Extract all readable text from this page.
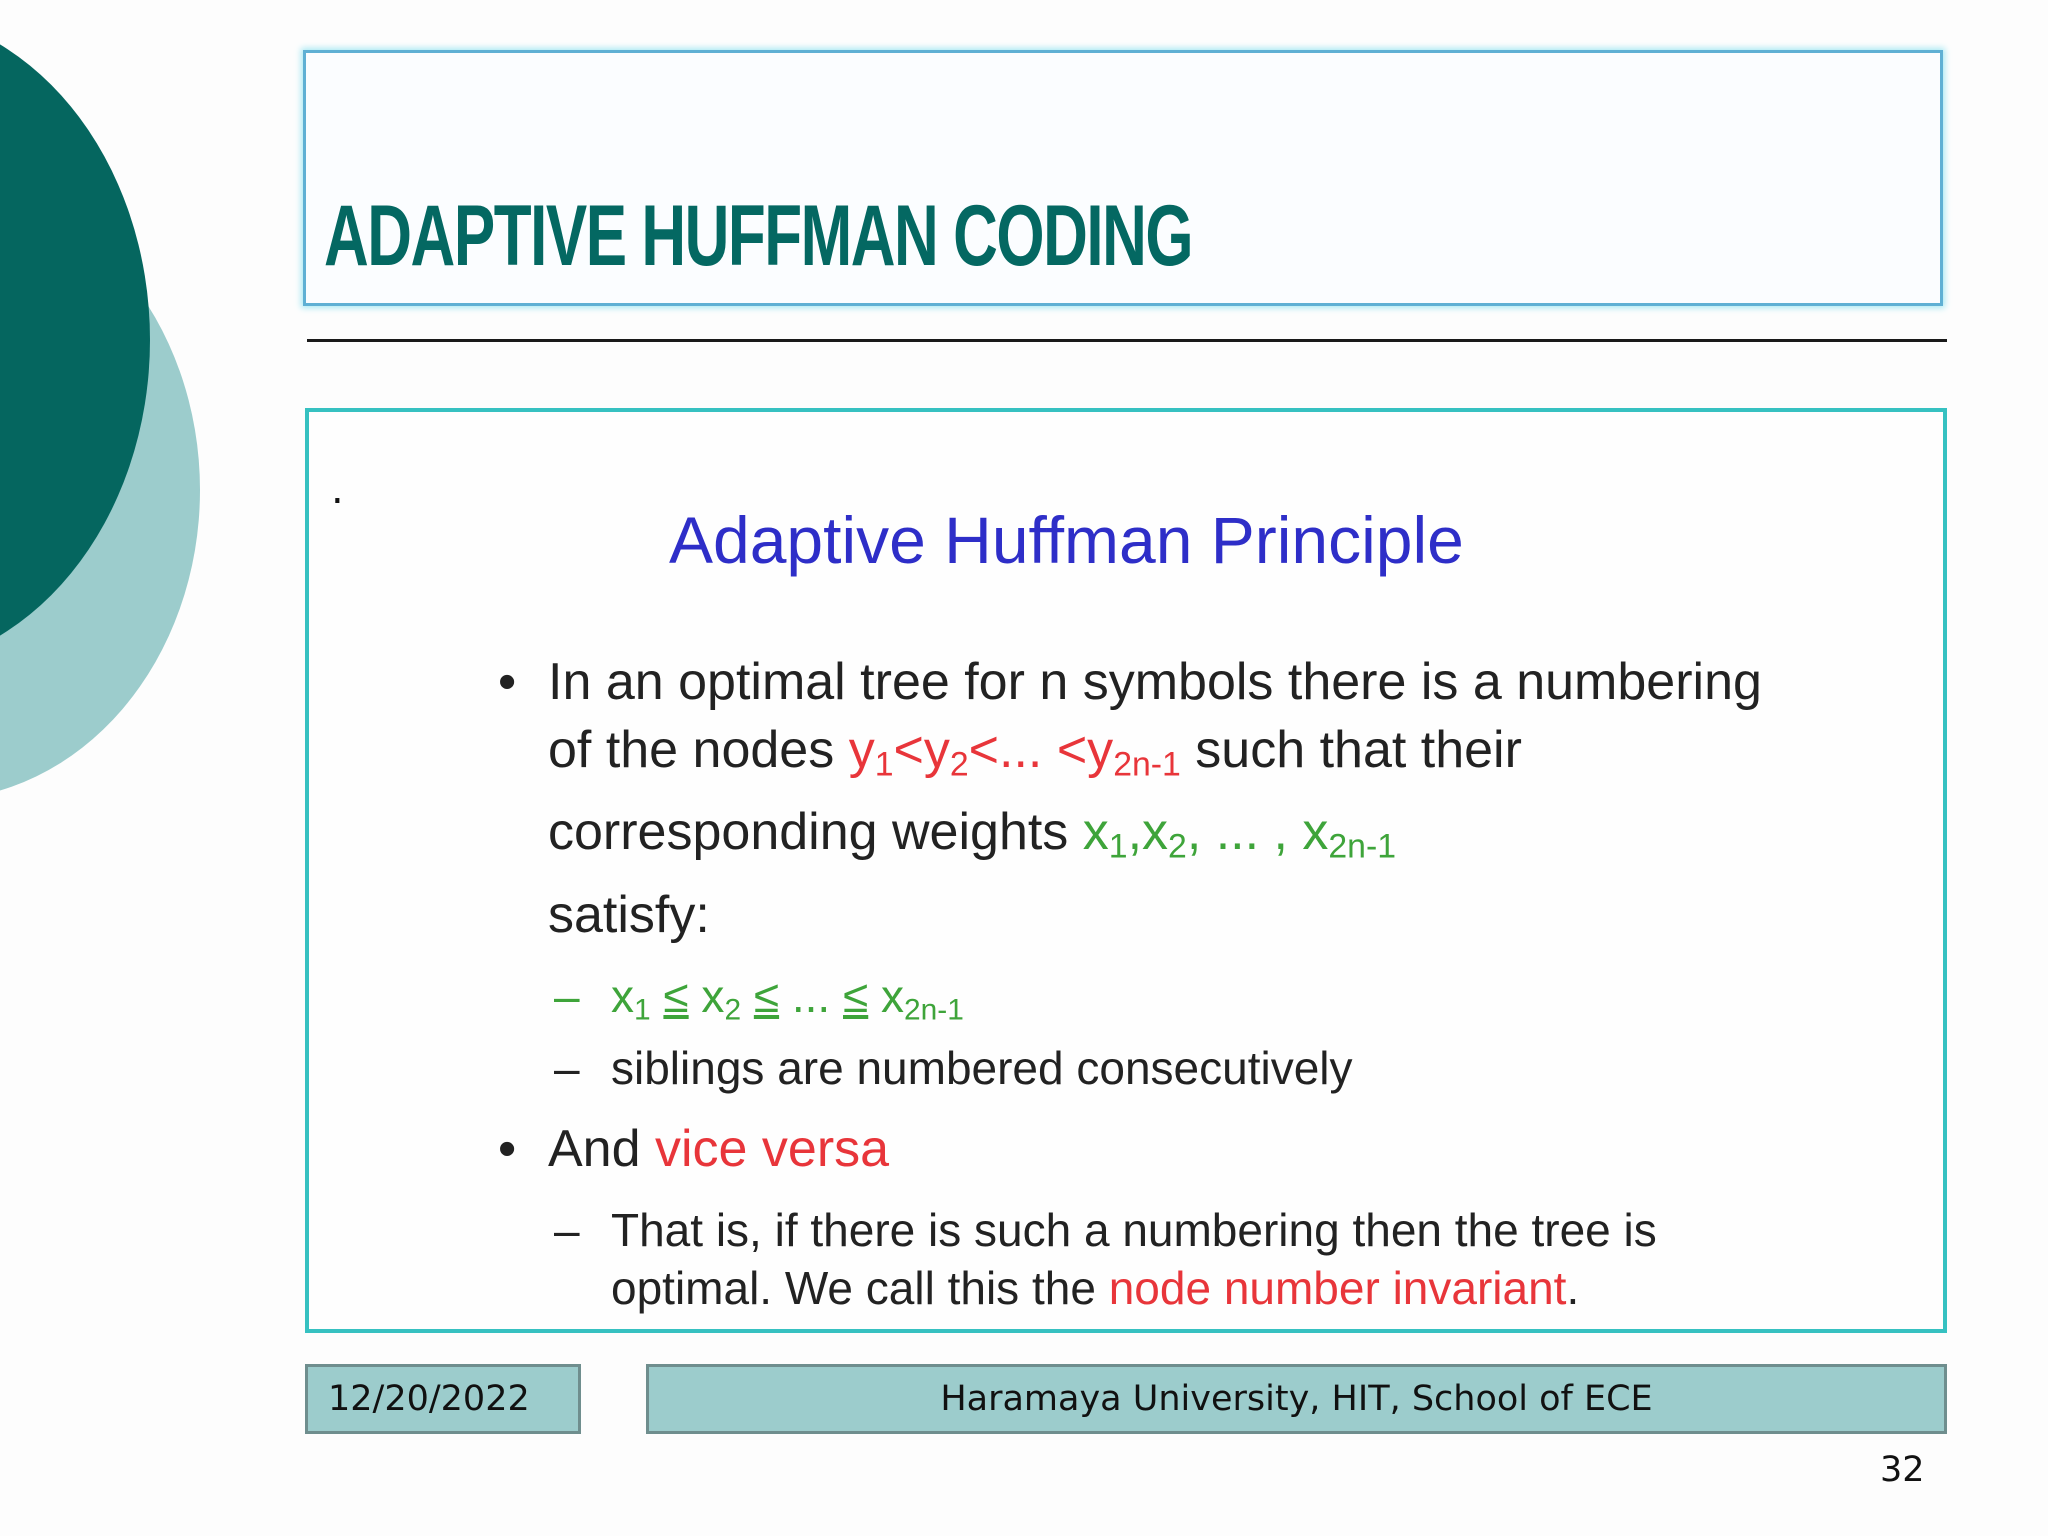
ADAPTIVE HUFFMAN CODING
.
Adaptive Huffman Principle
• In an optimal tree for n symbols there is a numbering of the nodes $y_1<y_2<$... $<y_{2n-1}$ such that their corresponding weights $x_1,x_2$, ... , $x_{2n-1}$
satisfy:
– $x_1 \le x_2$ ≤ ... ≤ $x_{2n-1}$
– siblings are numbered consecutively
• And vice versa
– That is, if there is such a numbering then the tree is optimal. We call this the node number invariant.
12/20/2022	Haramaya University, HIT, School of ECE
32
